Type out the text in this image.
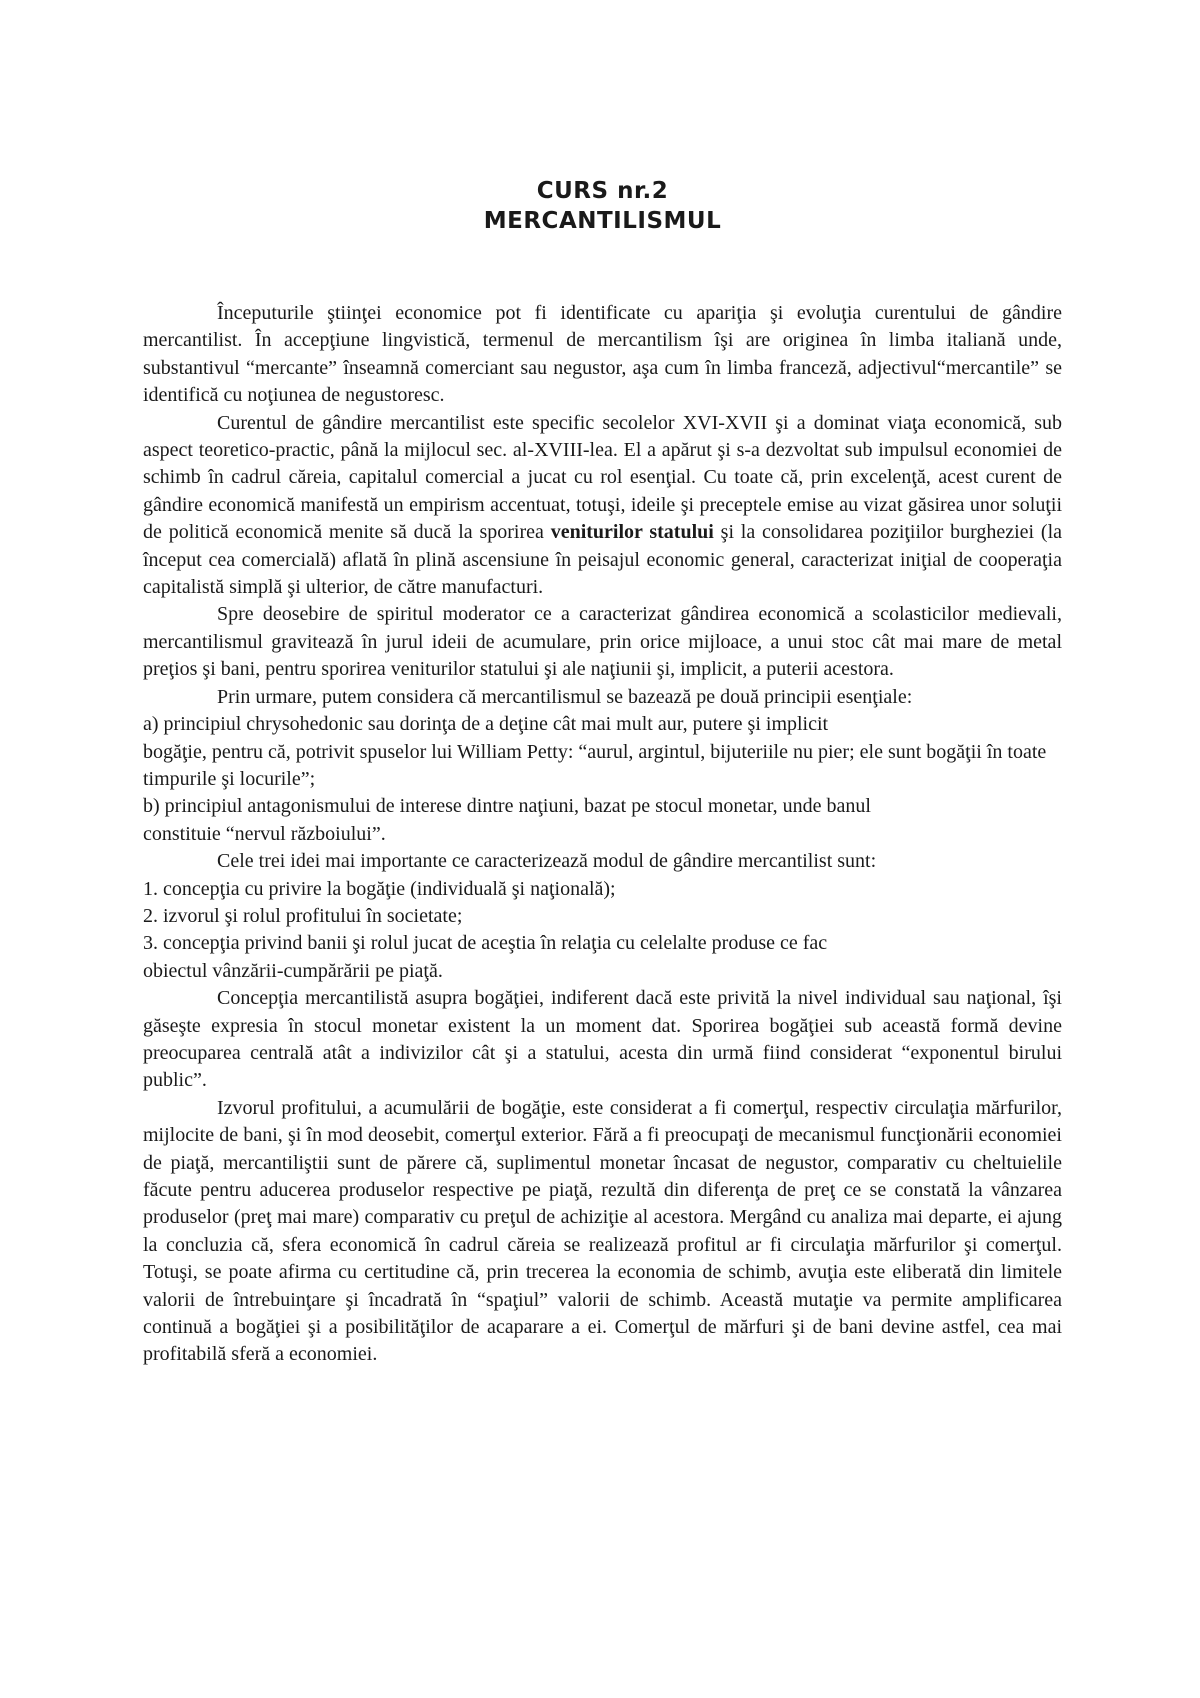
CURS nr.2
MERCANTILISMUL

Începuturile ştiinţei economice pot fi identificate cu apariţia şi evoluţia curentului de gândire mercantilist. În accepţiune lingvistică, termenul de mercantilism îşi are originea în limba italiană unde, substantivul “mercante” înseamnă comerciant sau negustor, aşa cum în limba franceză, adjectivul“mercantile” se identifică cu noţiunea de negustoresc.

Curentul de gândire mercantilist este specific secolelor XVI-XVII şi a dominat viaţa economică, sub aspect teoretico-practic, până la mijlocul sec. al-XVIII-lea. El a apărut şi s-a dezvoltat sub impulsul economiei de schimb în cadrul căreia, capitalul comercial a jucat cu rol esenţial. Cu toate că, prin excelenţă, acest curent de gândire economică manifestă un empirism accentuat, totuşi, ideile şi preceptele emise au vizat găsirea unor soluţii de politică economică menite să ducă la sporirea veniturilor statului şi la consolidarea poziţiilor burgheziei (la început cea comercială) aflată în plină ascensiune în peisajul economic general, caracterizat iniţial de cooperaţia capitalistă simplă şi ulterior, de către manufacturi.

Spre deosebire de spiritul moderator ce a caracterizat gândirea economică a scolasticilor medievali, mercantilismul gravitează în jurul ideii de acumulare, prin orice mijloace, a unui stoc cât mai mare de metal preţios şi bani, pentru sporirea veniturilor statului şi ale naţiunii şi, implicit, a puterii acestora.

Prin urmare, putem considera că mercantilismul se bazează pe două principii esenţiale:

a) principiul chrysohedonic sau dorinţa de a deţine cât mai mult aur, putere şi implicit

bogăţie, pentru că, potrivit spuselor lui William Petty: “aurul, argintul, bijuteriile nu pier; ele sunt bogăţii în toate timpurile şi locurile”;

b) principiul antagonismului de interese dintre naţiuni, bazat pe stocul monetar, unde banul

constituie “nervul războiului”.

Cele trei idei mai importante ce caracterizează modul de gândire mercantilist sunt:

1. concepţia cu privire la bogăţie (individuală şi naţională);

2. izvorul şi rolul profitului în societate;

3. concepţia privind banii şi rolul jucat de aceştia în relaţia cu celelalte produse ce fac

obiectul vânzării-cumpărării pe piaţă.

Concepţia mercantilistă asupra bogăţiei, indiferent dacă este privită la nivel individual sau naţional, îşi găseşte expresia în stocul monetar existent la un moment dat. Sporirea bogăţiei sub această formă devine preocuparea centrală atât a indivizilor cât şi a statului, acesta din urmă fiind considerat “exponentul birului public”.

Izvorul profitului, a acumulării de bogăţie, este considerat a fi comerţul, respectiv circulaţia mărfurilor, mijlocite de bani, şi în mod deosebit, comerţul exterior. Fără a fi preocupaţi de mecanismul funcţionării economiei de piaţă, mercantiliştii sunt de părere că, suplimentul monetar încasat de negustor, comparativ cu cheltuielile făcute pentru aducerea produselor respective pe piaţă, rezultă din diferenţa de preţ ce se constată la vânzarea produselor (preţ mai mare) comparativ cu preţul de achiziţie al acestora. Mergând cu analiza mai departe, ei ajung la concluzia că, sfera economică în cadrul căreia se realizează profitul ar fi circulaţia mărfurilor şi comerţul. Totuşi, se poate afirma cu certitudine că, prin trecerea la economia de schimb, avuţia este eliberată din limitele valorii de întrebuinţare şi încadrată în “spaţiul” valorii de schimb. Această mutaţie va permite amplificarea continuă a bogăţiei şi a posibilităţilor de acaparare a ei. Comerţul de mărfuri şi de bani devine astfel, cea mai profitabilă sferă a economiei.
